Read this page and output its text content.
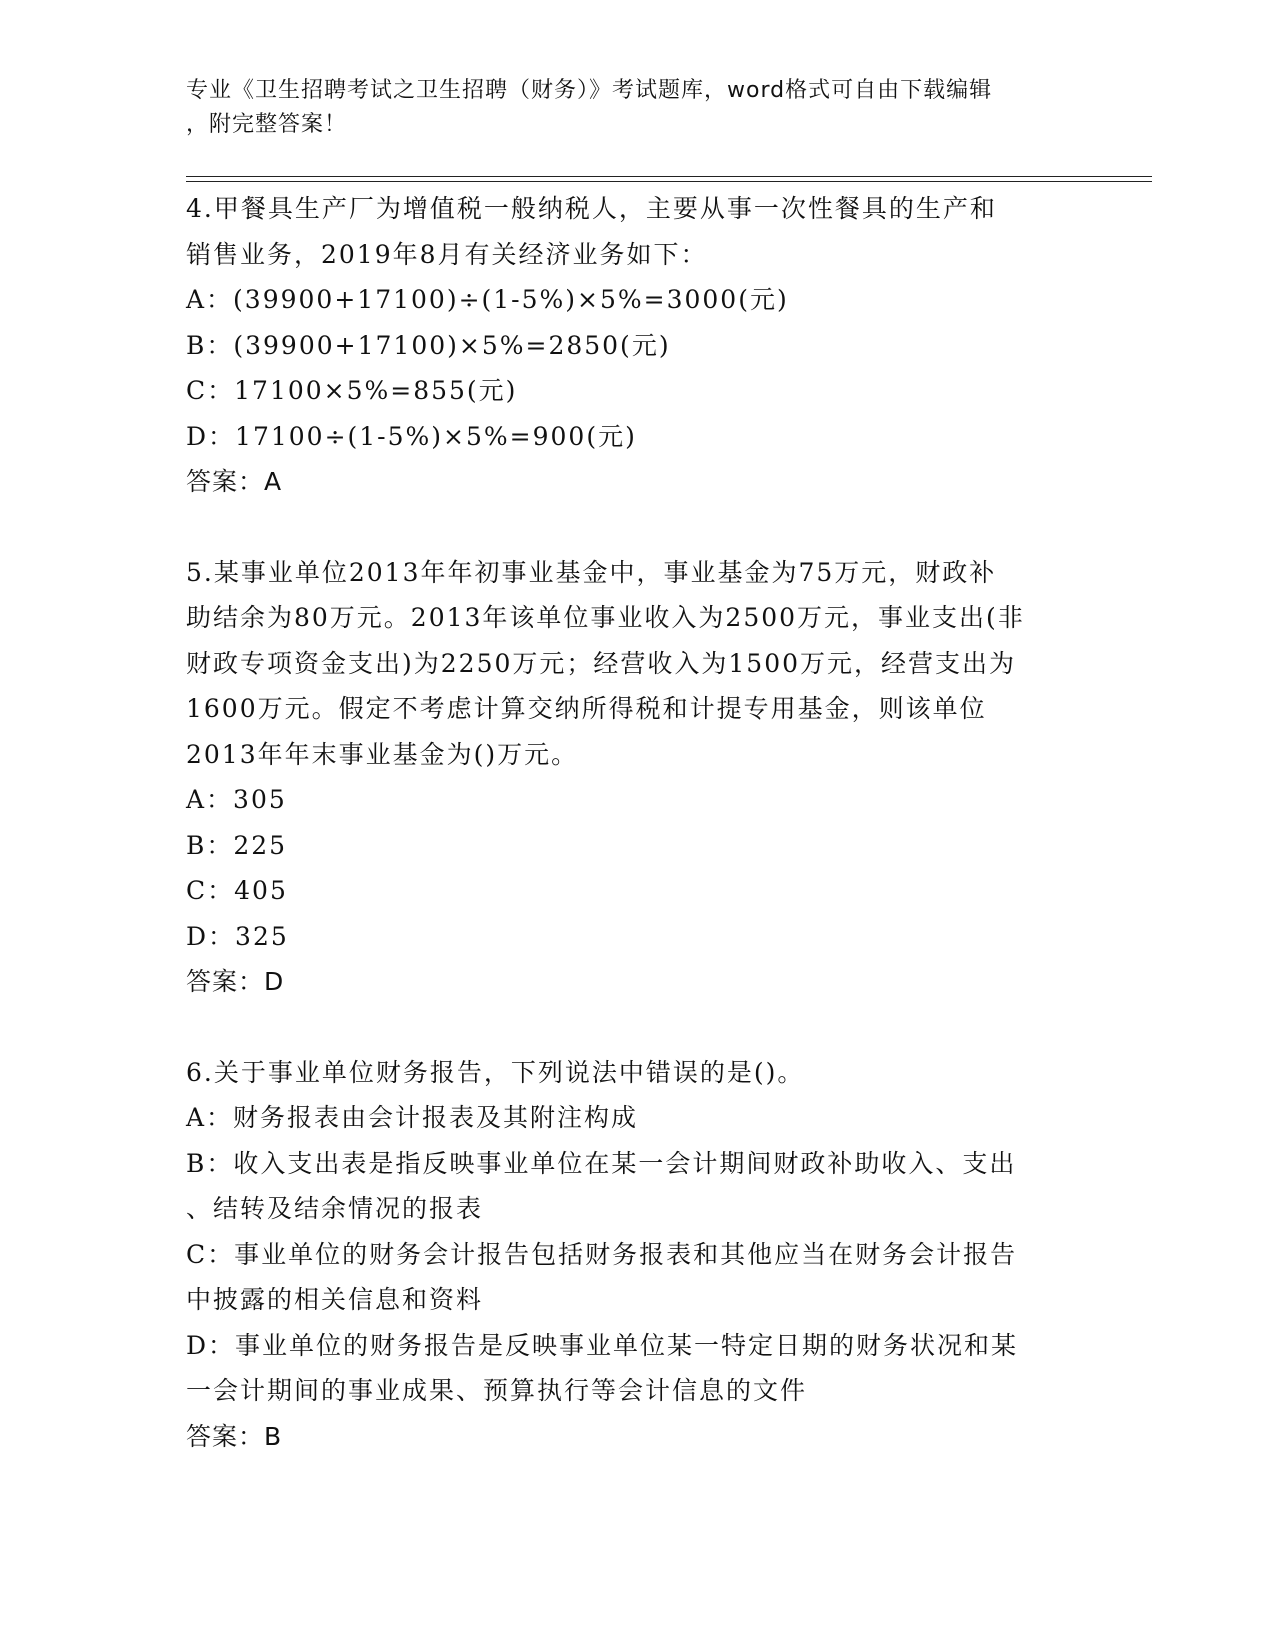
专业《卫生招聘考试之卫生招聘（财务）》考试题库，word格式可自由下载编辑
，附完整答案！

4.甲餐具生产厂为增值税一般纳税人，主要从事一次性餐具的生产和

销售业务，2019年8月有关经济业务如下：

A：(39900+17100)÷(1-5%)×5%=3000(元)

B：(39900+17100)×5%=2850(元)

C：17100×5%=855(元)

D：17100÷(1-5%)×5%=900(元)

答案：A

5.某事业单位2013年年初事业基金中，事业基金为75万元，财政补

助结余为80万元。2013年该单位事业收入为2500万元，事业支出(非

财政专项资金支出)为2250万元；经营收入为1500万元，经营支出为

1600万元。假定不考虑计算交纳所得税和计提专用基金，则该单位

2013年年末事业基金为()万元。

A：305

B：225

C：405

D：325

答案：D

6.关于事业单位财务报告，下列说法中错误的是()。

A：财务报表由会计报表及其附注构成

B：收入支出表是指反映事业单位在某一会计期间财政补助收入、支出

、结转及结余情况的报表

C：事业单位的财务会计报告包括财务报表和其他应当在财务会计报告

中披露的相关信息和资料

D：事业单位的财务报告是反映事业单位某一特定日期的财务状况和某

一会计期间的事业成果、预算执行等会计信息的文件

答案：B
